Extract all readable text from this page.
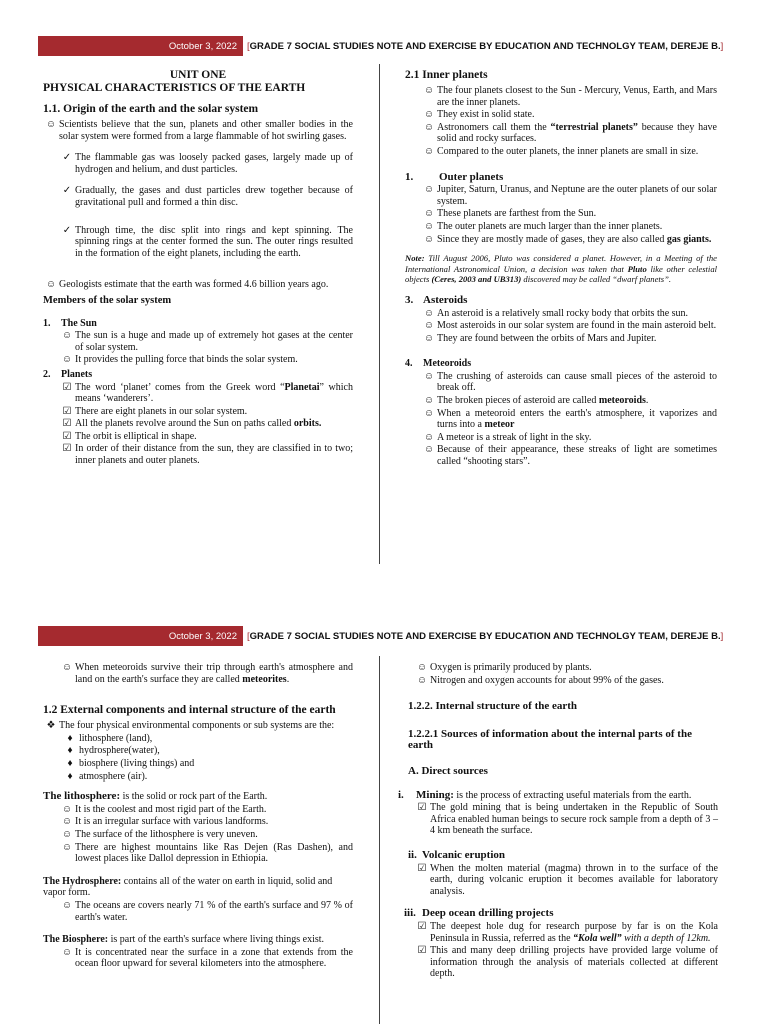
October 3, 2022	[ GRADE 7 SOCIAL STUDIES NOTE AND EXERCISE BY EDUCATION AND TECHNOLGY TEAM, DEREJE B. ]
UNIT ONE
PHYSICAL CHARACTERISTICS OF THE EARTH
1.1. Origin of the earth and the solar system
☺ Scientists believe that the sun, planets and other smaller bodies in the solar system were formed from a large flammable of hot swirling gases.
✓ The flammable gas was loosely packed gases, largely made up of hydrogen and helium, and dust particles.
✓ Gradually, the gases and dust particles drew together because of gravitational pull and formed a thin disc.
✓ Through time, the disc split into rings and kept spinning. The spinning rings at the center formed the sun. The outer rings resulted in the formation of the eight planets, including the earth.
☺ Geologists estimate that the earth was formed 4.6 billion years ago.
Members of the solar system
1.	The Sun
☺ The sun is a huge and made up of extremely hot gases at the center of solar system.
☺ It provides the pulling force that binds the solar system.
2.	Planets
☑ The word ‘planet’ comes from the Greek word “Planetai” which means ‘wanderers’.
☑ There are eight planets in our solar system.
☑ All the planets revolve around the Sun on paths called orbits.
☑ The orbit is elliptical in shape.
☑ In order of their distance from the sun, they are classified in to two; inner planets and outer planets.
2.1 Inner planets
☺ The four planets closest to the Sun - Mercury, Venus, Earth, and Mars are the inner planets.
☺ They exist in solid state.
☺ Astronomers call them the “terrestrial planets” because they have solid and rocky surfaces.
☺ Compared to the outer planets, the inner planets are small in size.
1.	Outer planets
☺ Jupiter, Saturn, Uranus, and Neptune are the outer planets of our solar system.
☺ These planets are farthest from the Sun.
☺ The outer planets are much larger than the inner planets.
☺ Since they are mostly made of gases, they are also called gas giants.
Note: Till August 2006, Pluto was considered a planet. However, in a Meeting of the International Astronomical Union, a decision was taken that Pluto like other celestial objects (Ceres, 2003 and UB313) discovered may be called “dwarf planets”.
3. Asteroids
☺ An asteroid is a relatively small rocky body that orbits the sun.
☺ Most asteroids in our solar system are found in the main asteroid belt.
☺ They are found between the orbits of Mars and Jupiter.
4.	Meteoroids
☺ The crushing of asteroids can cause small pieces of the asteroid to break off.
☺ The broken pieces of asteroid are called meteoroids.
☺ When a meteoroid enters the earth's atmosphere, it vaporizes and turns into a meteor
☺ A meteor is a streak of light in the sky.
☺ Because of their appearance, these streaks of light are sometimes called “shooting stars”.
October 3, 2022	[ GRADE 7 SOCIAL STUDIES NOTE AND EXERCISE BY EDUCATION AND TECHNOLGY TEAM, DEREJE B. ]
☺ When meteoroids survive their trip through earth's atmosphere and land on the earth's surface they are called meteorites.
1.2 External components and internal structure of the earth
❖ The four physical environmental components or sub systems are the:
♦ lithosphere (land),
♦ hydrosphere(water),
♦ biosphere (living things) and
♦ atmosphere (air).
The lithosphere: is the solid or rock part of the Earth.
☺ It is the coolest and most rigid part of the Earth.
☺ It is an irregular surface with various landforms.
☺ The surface of the lithosphere is very uneven.
☺ There are highest mountains like Ras Dejen (Ras Dashen), and lowest places like Dallol depression in Ethiopia.
The Hydrosphere: contains all of the water on earth in liquid, solid and vapor form.
☺ The oceans are covers nearly 71 % of the earth's surface and 97 % of earth's water.
The Biosphere: is part of the earth's surface where living things exist.
☺ It is concentrated near the surface in a zone that extends from the ocean floor upward for several kilometers into the atmosphere.
☺ Oxygen is primarily produced by plants.
☺ Nitrogen and oxygen accounts for about 99% of the gases.
1.2.2. Internal structure of the earth
1.2.2.1 Sources of information about the internal parts of the earth
A. Direct sources
i.	Mining: is the process of extracting useful materials from the earth.
☑ The gold mining that is being undertaken in the Republic of South Africa enabled human beings to secure rock sample from a depth of 3 – 4 km beneath the surface.
ii. Volcanic eruption
☑ When the molten material (magma) thrown in to the surface of the earth, during volcanic eruption it becomes available for laboratory analysis.
iii. Deep ocean drilling projects
☑ The deepest hole dug for research purpose by far is on the Kola Peninsula in Russia, referred as the “Kola well” with a depth of 12km.
☑ This and many deep drilling projects have provided large volume of information through the analysis of materials collected at different depth.
